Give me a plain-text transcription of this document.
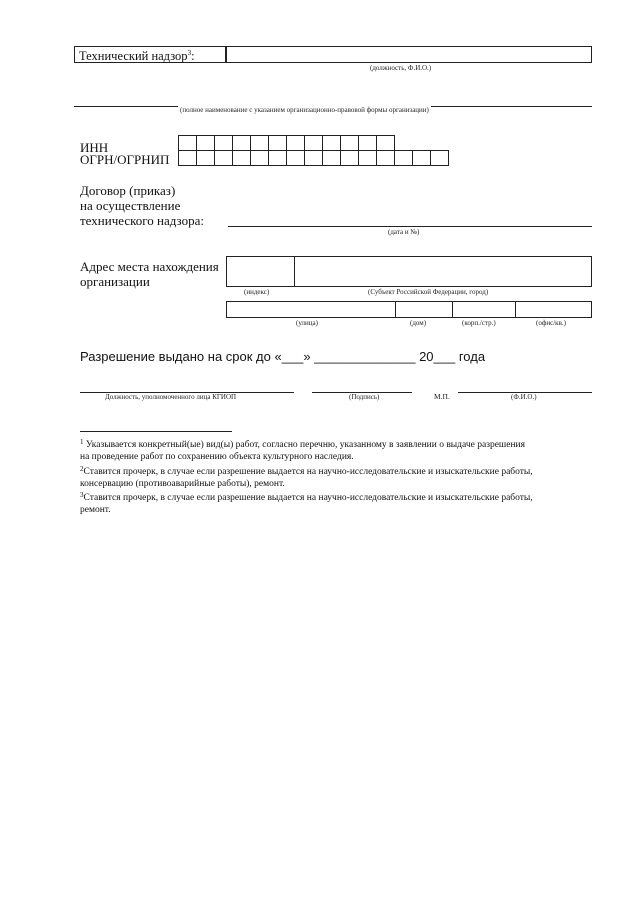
Технический надзор$^3$:
(должность, Ф.И.О.)
(полное наименование с указанием организационно-правовой формы организации)
ИНН
ОГРН/ОГРНИП
Договор (приказ)
на осуществление
технического надзора:
(дата и №)
Адрес места нахождения
организации
(индекс)	(Субъект Российской Федерации, город)
(улица)	(дом)	(корп./стр.)	(офис/кв.)
Разрешение выдано на срок до «___» ______________ 20___ года
Должность, уполномоченного лица КГИОП	(Подпись)	М.П.	(Ф.И.О.)
$^1$ Указывается конкретный(ые) вид(ы) работ, согласно перечню, указанному в заявлении о выдаче разрешения
на проведение работ по сохранению объекта культурного наследия.
$^2$Ставится прочерк, в случае если разрешение выдается на научно-исследовательские и изыскательские работы,
консервацию (противоаварийные работы), ремонт.
$^3$Ставится прочерк, в случае если разрешение выдается на научно-исследовательские и изыскательские работы,
ремонт.
